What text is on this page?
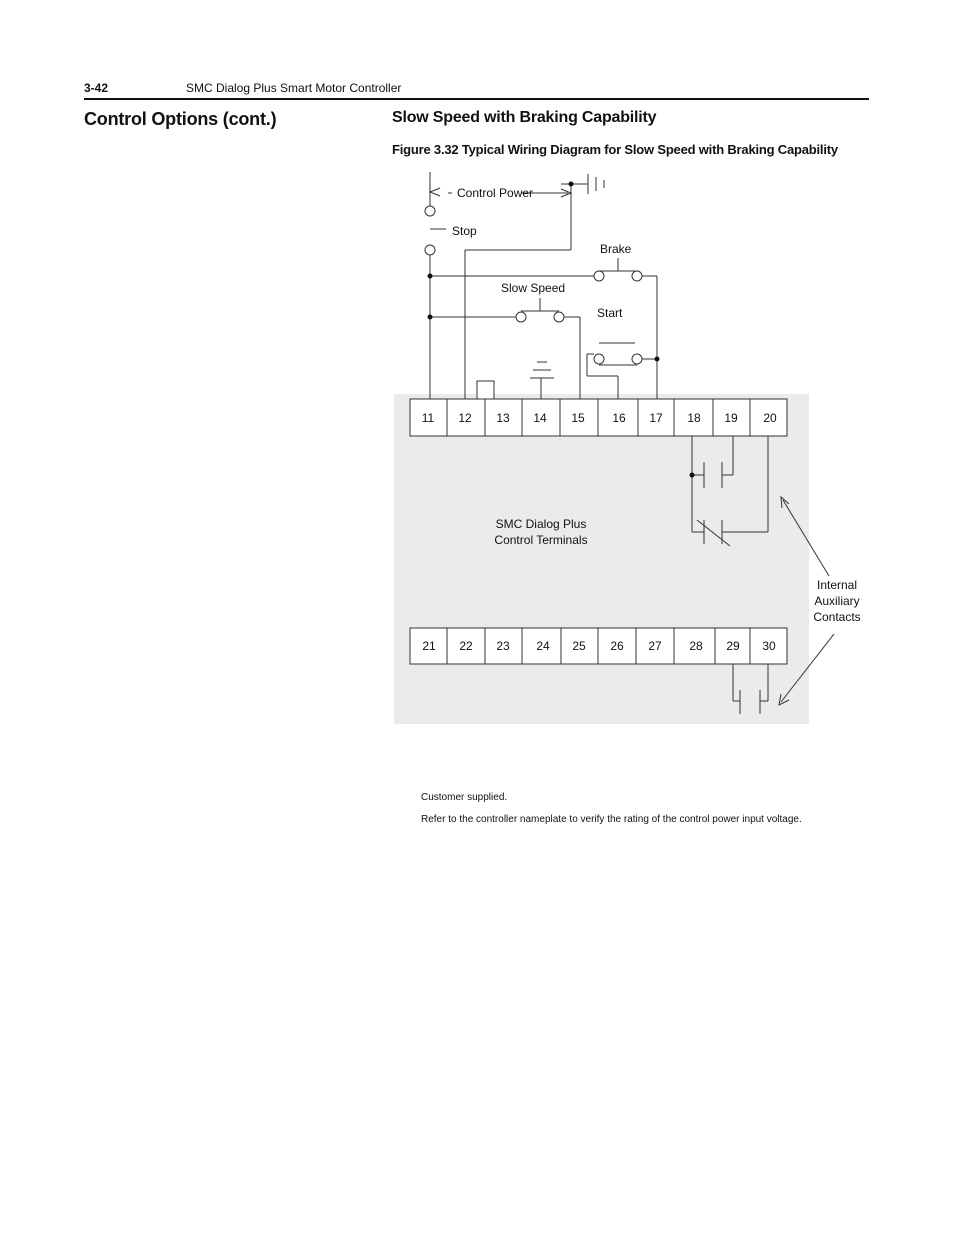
3-42	SMC Dialog Plus Smart Motor Controller
Control Options (cont.)	Slow Speed with Braking Capability
Figure 3.32 Typical Wiring Diagram for Slow Speed with Braking Capability
Control Power
Stop
Brake
Slow Speed
Start
SMC Dialog Plus
Control Terminals
Internal
Auxiliary
Contacts
11 12 13 14 15 16 17 18 19 20
21 22 23 24 25 26 27 28 29 30
Customer supplied.
Refer to the controller nameplate to verify the rating of the control power input voltage.
